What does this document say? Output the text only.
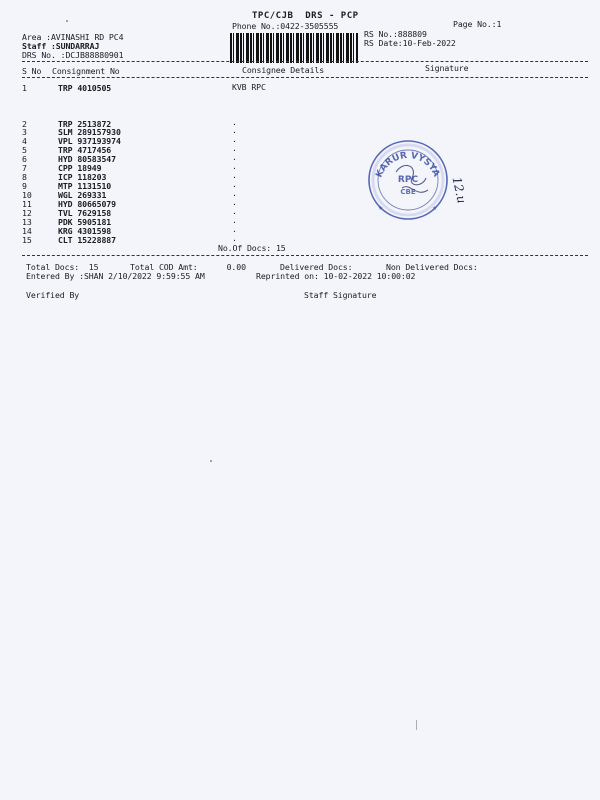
TPC/CJB  DRS - PCP
Phone No.:0422-3505555	Page No.:1
Area :AVINASHI RD PC4
Staff :SUNDARRAJ
DRS No. :DCJB88880901
RS No.:888809
RS Date:10-Feb-2022
S No Consignment No	Consignee Details	Signature
1	TRP 4010505	KVB RPC
2	TRP 2513872	.
3	SLM 289157930	.
4	VPL 937193974	.
5	TRP 4717456	.
6	HYD 80583547	.
7	CPP 18949	.
8	ICP 118203	.
9	MTP 1131510	.
10	WGL 269331	.
11	HYD 80665079	.
12	TVL 7629158	.
13	PDK 5905181	.
14	KRG 4301598	.
15	CLT 15228887	.
No.Of Docs: 15
Total Docs:  15	Total COD Amt:      0.00	Delivered Docs:	Non Delivered Docs:
Entered By :SHAN 2/10/2022 9:59:55 AM	Reprinted on: 10-02-2022 10:00:02
Verified By	Staff Signature
KARUR VYSYA
RPC
CBE
★	★
12.u
